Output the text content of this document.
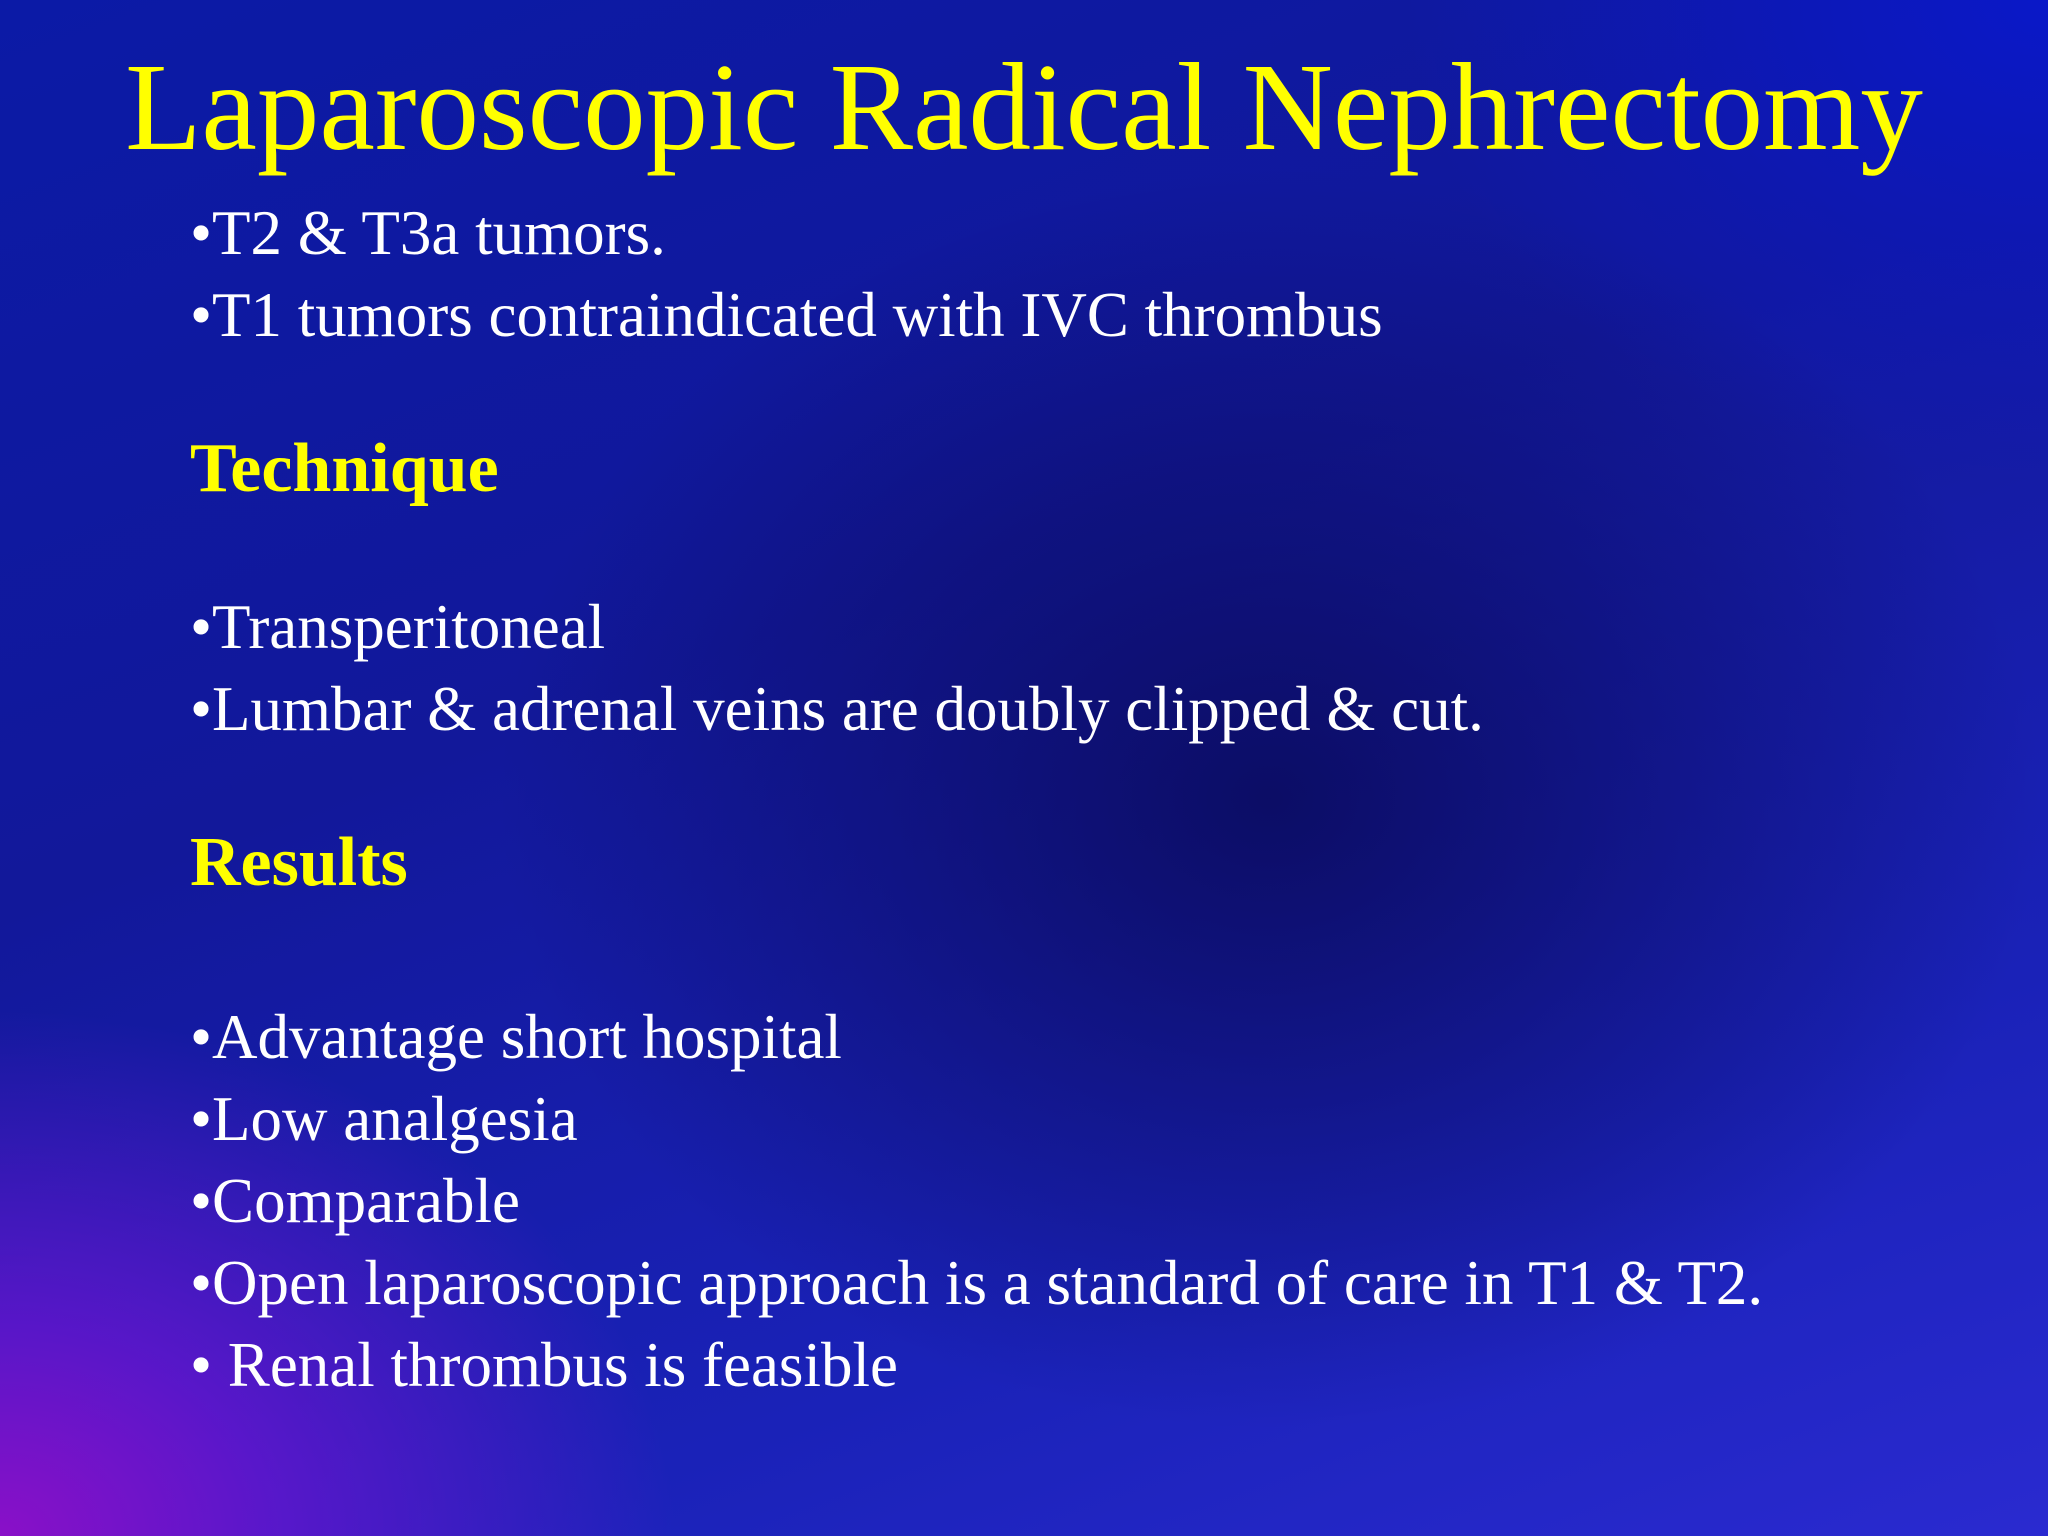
Laparoscopic Radical Nephrectomy
•T2 & T3a tumors.
•T1 tumors contraindicated with IVC thrombus
Technique
•Transperitoneal
•Lumbar & adrenal veins are doubly clipped & cut.
Results
•Advantage short hospital
•Low analgesia
•Comparable
•Open laparoscopic approach is a standard of care in T1 & T2.
• Renal thrombus is feasible
